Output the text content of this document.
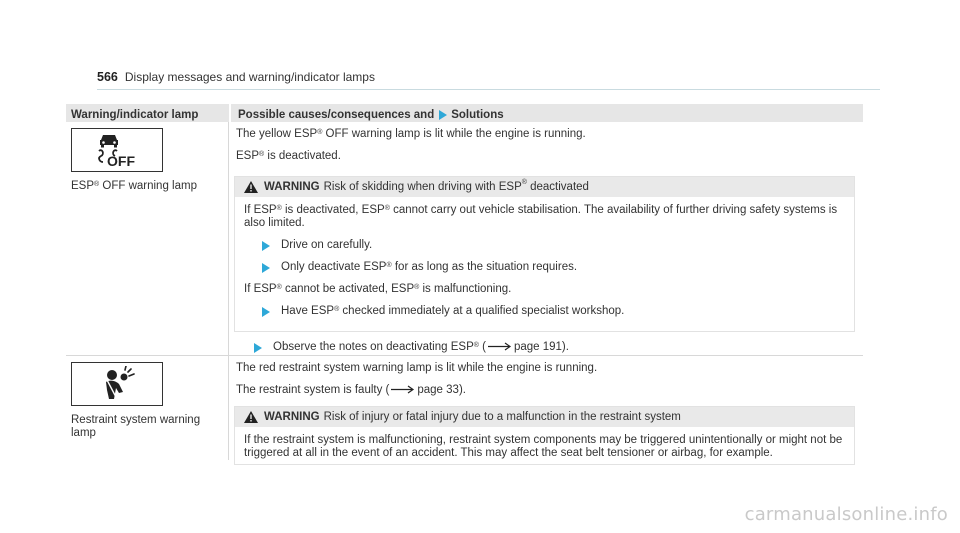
566 Display messages and warning/indicator lamps
Warning/indicator lamp	Possible causes/consequences and Solutions
OFF
ESP® OFF warning lamp

The yellow ESP® OFF warning lamp is lit while the engine is running.

ESP® is deactivated.

WARNING Risk of skidding when driving with ESP® deactivated

If ESP® is deactivated, ESP® cannot carry out vehicle stabilisation. The availability of further driving safety systems is also limited.

Drive on carefully.
Only deactivate ESP® for as long as the situation requires.

If ESP® cannot be activated, ESP® is malfunctioning.

Have ESP® checked immediately at a qualified specialist workshop.
Observe the notes on deactivating ESP® ( page 191).
Restraint system warning lamp

The red restraint system warning lamp is lit while the engine is running.

The restraint system is faulty ( page 33).

WARNING Risk of injury or fatal injury due to a malfunction in the restraint system

If the restraint system is malfunctioning, restraint system components may be triggered unintentionally or might not be triggered at all in the event of an accident. This may affect the seat belt tensioner or airbag, for example.

carmanualsonline.info
